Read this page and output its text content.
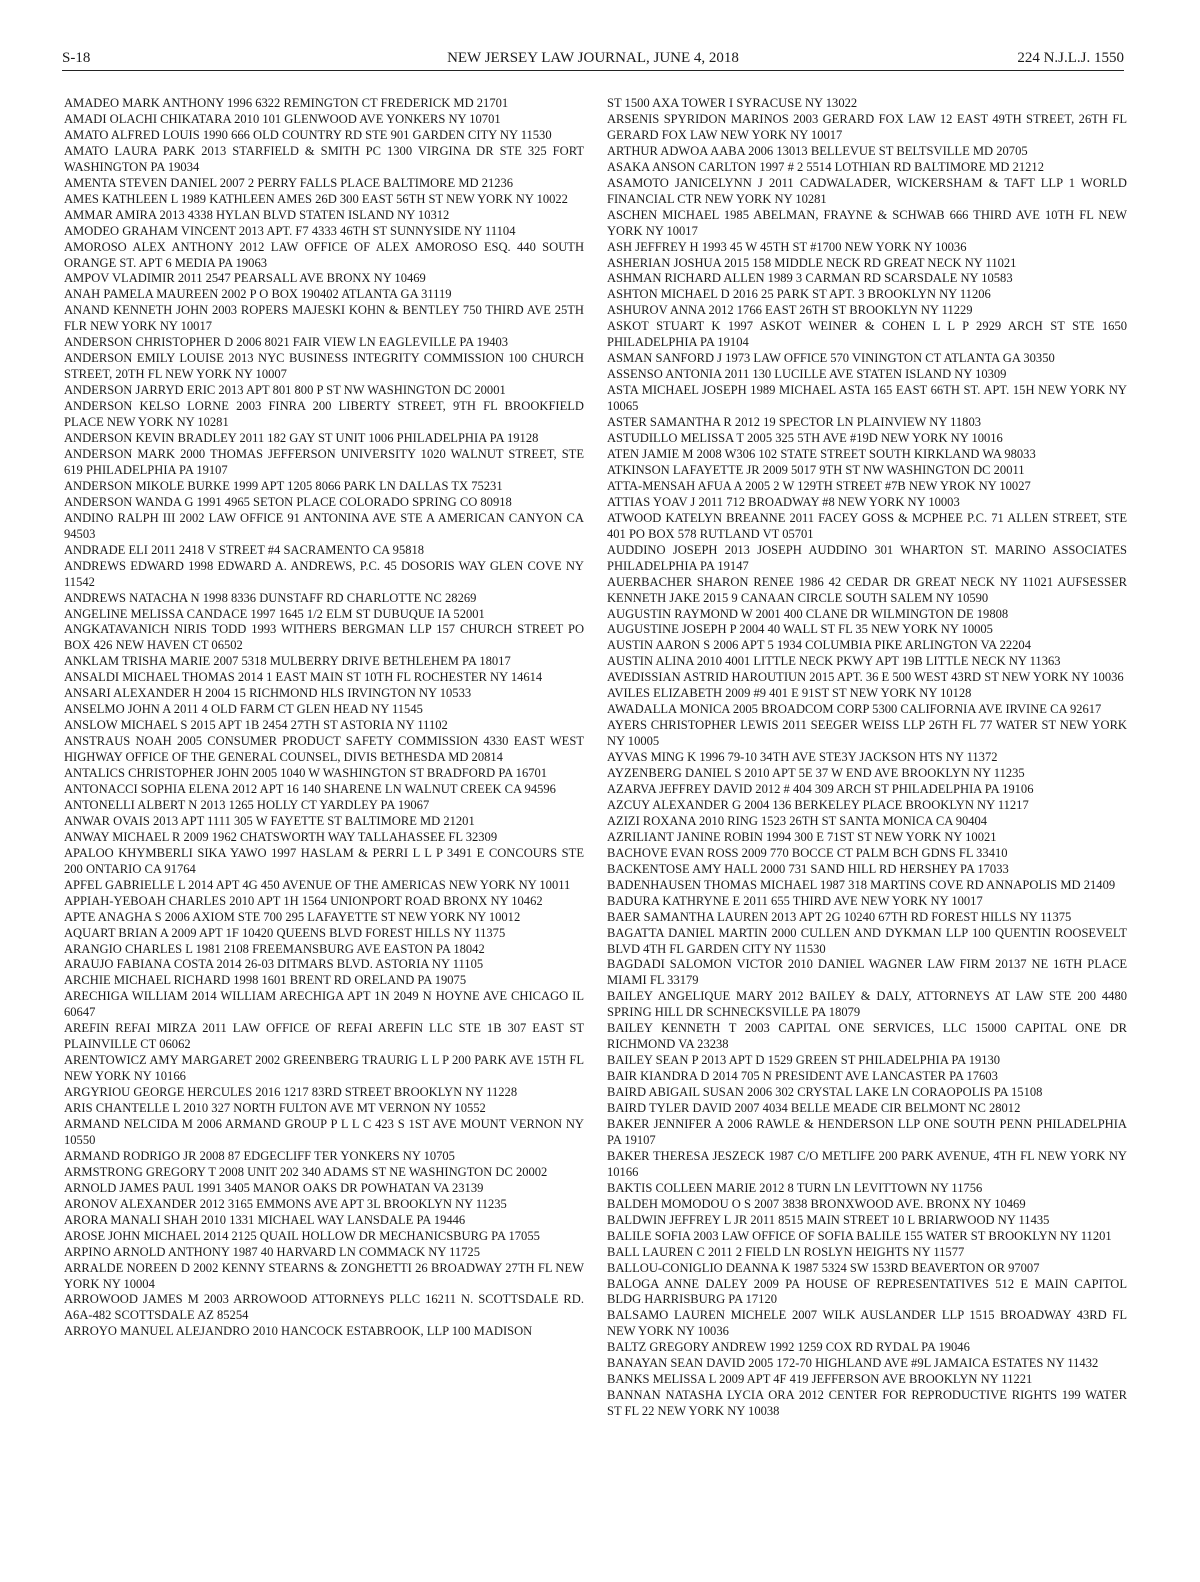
S-18	NEW JERSEY LAW JOURNAL, JUNE 4, 2018	224 N.J.L.J. 1550

AMADEO MARK ANTHONY 1996 6322 REMINGTON CT FREDERICK MD 21701

AMADI OLACHI CHIKATARA 2010 101 GLENWOOD AVE YONKERS NY 10701

AMATO ALFRED LOUIS 1990 666 OLD COUNTRY RD STE 901 GARDEN CITY NY 11530

AMATO LAURA PARK 2013 STARFIELD & SMITH PC 1300 VIRGINA DR STE 325 FORT WASHINGTON PA 19034

AMENTA STEVEN DANIEL 2007 2 PERRY FALLS PLACE BALTIMORE MD 21236

AMES KATHLEEN L 1989 KATHLEEN AMES 26D 300 EAST 56TH ST NEW YORK NY 10022

AMMAR AMIRA 2013 4338 HYLAN BLVD STATEN ISLAND NY 10312

AMODEO GRAHAM VINCENT 2013 APT. F7 4333 46TH ST SUNNYSIDE NY 11104

AMOROSO ALEX ANTHONY 2012 LAW OFFICE OF ALEX AMOROSO ESQ. 440 SOUTH ORANGE ST. APT 6 MEDIA PA 19063

AMPOV VLADIMIR 2011 2547 PEARSALL AVE BRONX NY 10469

ANAH PAMELA MAUREEN 2002 P O BOX 190402 ATLANTA GA 31119

ANAND KENNETH JOHN 2003 ROPERS MAJESKI KOHN & BENTLEY 750 THIRD AVE 25TH FLR NEW YORK NY 10017

ANDERSON CHRISTOPHER D 2006 8021 FAIR VIEW LN EAGLEVILLE PA 19403

ANDERSON EMILY LOUISE 2013 NYC BUSINESS INTEGRITY COMMISSION 100 CHURCH STREET, 20TH FL NEW YORK NY 10007

ANDERSON JARRYD ERIC 2013 APT 801 800 P ST NW WASHINGTON DC 20001

ANDERSON KELSO LORNE 2003 FINRA 200 LIBERTY STREET, 9TH FL BROOKFIELD PLACE NEW YORK NY 10281

ANDERSON KEVIN BRADLEY 2011 182 GAY ST UNIT 1006 PHILADELPHIA PA 19128

ANDERSON MARK 2000 THOMAS JEFFERSON UNIVERSITY 1020 WALNUT STREET, STE 619 PHILADELPHIA PA 19107

ANDERSON MIKOLE BURKE 1999 APT 1205 8066 PARK LN DALLAS TX 75231

ANDERSON WANDA G 1991 4965 SETON PLACE COLORADO SPRING CO 80918

ANDINO RALPH III 2002 LAW OFFICE 91 ANTONINA AVE STE A AMERICAN CANYON CA 94503

ANDRADE ELI 2011 2418 V STREET #4 SACRAMENTO CA 95818

ANDREWS EDWARD 1998 EDWARD A. ANDREWS, P.C. 45 DOSORIS WAY GLEN COVE NY 11542

ANDREWS NATACHA N 1998 8336 DUNSTAFF RD CHARLOTTE NC 28269

ANGELINE MELISSA CANDACE 1997 1645 1/2 ELM ST DUBUQUE IA 52001

ANGKATAVANICH NIRIS TODD 1993 WITHERS BERGMAN LLP 157 CHURCH STREET PO BOX 426 NEW HAVEN CT 06502

ANKLAM TRISHA MARIE 2007 5318 MULBERRY DRIVE BETHLEHEM PA 18017

ANSALDI MICHAEL THOMAS 2014 1 EAST MAIN ST 10TH FL ROCHESTER NY 14614

ANSARI ALEXANDER H 2004 15 RICHMOND HLS IRVINGTON NY 10533

ANSELMO JOHN A 2011 4 OLD FARM CT GLEN HEAD NY 11545

ANSLOW MICHAEL S 2015 APT 1B 2454 27TH ST ASTORIA NY 11102

ANSTRAUS NOAH 2005 CONSUMER PRODUCT SAFETY COMMISSION 4330 EAST WEST HIGHWAY OFFICE OF THE GENERAL COUNSEL, DIVIS BETHESDA MD 20814

ANTALICS CHRISTOPHER JOHN 2005 1040 W WASHINGTON ST BRADFORD PA 16701

ANTONACCI SOPHIA ELENA 2012 APT 16 140 SHARENE LN WALNUT CREEK CA 94596

ANTONELLI ALBERT N 2013 1265 HOLLY CT YARDLEY PA 19067

ANWAR OVAIS 2013 APT 1111 305 W FAYETTE ST BALTIMORE MD 21201

ANWAY MICHAEL R 2009 1962 CHATSWORTH WAY TALLAHASSEE FL 32309

APALOO KHYMBERLI SIKA YAWO 1997 HASLAM & PERRI L L P 3491 E CONCOURS STE 200 ONTARIO CA 91764

APFEL GABRIELLE L 2014 APT 4G 450 AVENUE OF THE AMERICAS NEW YORK NY 10011

APPIAH-YEBOAH CHARLES 2010 APT 1H 1564 UNIONPORT ROAD BRONX NY 10462

APTE ANAGHA S 2006 AXIOM STE 700 295 LAFAYETTE ST NEW YORK NY 10012

AQUART BRIAN A 2009 APT 1F 10420 QUEENS BLVD FOREST HILLS NY 11375

ARANGIO CHARLES L 1981 2108 FREEMANSBURG AVE EASTON PA 18042

ARAUJO FABIANA COSTA 2014 26-03 DITMARS BLVD. ASTORIA NY 11105

ARCHIE MICHAEL RICHARD 1998 1601 BRENT RD ORELAND PA 19075

ARECHIGA WILLIAM 2014 WILLIAM ARECHIGA APT 1N 2049 N HOYNE AVE CHICAGO IL 60647

AREFIN REFAI MIRZA 2011 LAW OFFICE OF REFAI AREFIN LLC STE 1B 307 EAST ST PLAINVILLE CT 06062

ARENTOWICZ AMY MARGARET 2002 GREENBERG TRAURIG L L P 200 PARK AVE 15TH FL NEW YORK NY 10166

ARGYRIOU GEORGE HERCULES 2016 1217 83RD STREET BROOKLYN NY 11228

ARIS CHANTELLE L 2010 327 NORTH FULTON AVE MT VERNON NY 10552

ARMAND NELCIDA M 2006 ARMAND GROUP P L L C 423 S 1ST AVE MOUNT VERNON NY 10550

ARMAND RODRIGO JR 2008 87 EDGECLIFF TER YONKERS NY 10705

ARMSTRONG GREGORY T 2008 UNIT 202 340 ADAMS ST NE WASHINGTON DC 20002

ARNOLD JAMES PAUL 1991 3405 MANOR OAKS DR POWHATAN VA 23139

ARONOV ALEXANDER 2012 3165 EMMONS AVE APT 3L BROOKLYN NY 11235

ARORA MANALI SHAH 2010 1331 MICHAEL WAY LANSDALE PA 19446

AROSE JOHN MICHAEL 2014 2125 QUAIL HOLLOW DR MECHANICSBURG PA 17055

ARPINO ARNOLD ANTHONY 1987 40 HARVARD LN COMMACK NY 11725

ARRALDE NOREEN D 2002 KENNY STEARNS & ZONGHETTI 26 BROADWAY 27TH FL NEW YORK NY 10004

ARROWOOD JAMES M 2003 ARROWOOD ATTORNEYS PLLC 16211 N. SCOTTSDALE RD. A6A-482 SCOTTSDALE AZ 85254

ARROYO MANUEL ALEJANDRO 2010 HANCOCK ESTABROOK, LLP 100 MADISON

ST 1500 AXA TOWER I SYRACUSE NY 13022

ARSENIS SPYRIDON MARINOS 2003 GERARD FOX LAW 12 EAST 49TH STREET, 26TH FL GERARD FOX LAW NEW YORK NY 10017

ARTHUR ADWOA AABA 2006 13013 BELLEVUE ST BELTSVILLE MD 20705

ASAKA ANSON CARLTON 1997 # 2 5514 LOTHIAN RD BALTIMORE MD 21212

ASAMOTO JANICELYNN J 2011 CADWALADER, WICKERSHAM & TAFT LLP 1 WORLD FINANCIAL CTR NEW YORK NY 10281

ASCHEN MICHAEL 1985 ABELMAN, FRAYNE & SCHWAB 666 THIRD AVE 10TH FL NEW YORK NY 10017

ASH JEFFREY H 1993 45 W 45TH ST #1700 NEW YORK NY 10036

ASHERIAN JOSHUA 2015 158 MIDDLE NECK RD GREAT NECK NY 11021

ASHMAN RICHARD ALLEN 1989 3 CARMAN RD SCARSDALE NY 10583

ASHTON MICHAEL D 2016 25 PARK ST APT. 3 BROOKLYN NY 11206

ASHUROV ANNA 2012 1766 EAST 26TH ST BROOKLYN NY 11229

ASKOT STUART K 1997 ASKOT WEINER & COHEN L L P 2929 ARCH ST STE 1650 PHILADELPHIA PA 19104

ASMAN SANFORD J 1973 LAW OFFICE 570 VININGTON CT ATLANTA GA 30350

ASSENSO ANTONIA 2011 130 LUCILLE AVE STATEN ISLAND NY 10309

ASTA MICHAEL JOSEPH 1989 MICHAEL ASTA 165 EAST 66TH ST. APT. 15H NEW YORK NY 10065

ASTER SAMANTHA R 2012 19 SPECTOR LN PLAINVIEW NY 11803

ASTUDILLO MELISSA T 2005 325 5TH AVE #19D NEW YORK NY 10016

ATEN JAMIE M 2008 W306 102 STATE STREET SOUTH KIRKLAND WA 98033

ATKINSON LAFAYETTE JR 2009 5017 9TH ST NW WASHINGTON DC 20011

ATTA-MENSAH AFUA A 2005 2 W 129TH STREET #7B NEW YROK NY 10027

ATTIAS YOAV J 2011 712 BROADWAY #8 NEW YORK NY 10003

ATWOOD KATELYN BREANNE 2011 FACEY GOSS & MCPHEE P.C. 71 ALLEN STREET, STE 401 PO BOX 578 RUTLAND VT 05701

AUDDINO JOSEPH 2013 JOSEPH AUDDINO 301 WHARTON ST. MARINO ASSOCIATES PHILADELPHIA PA 19147

AUERBACHER SHARON RENEE 1986 42 CEDAR DR GREAT NECK NY 11021 AUFSESSER KENNETH JAKE 2015 9 CANAAN CIRCLE SOUTH SALEM NY 10590

AUGUSTIN RAYMOND W 2001 400 CLANE DR WILMINGTON DE 19808

AUGUSTINE JOSEPH P 2004 40 WALL ST FL 35 NEW YORK NY 10005

AUSTIN AARON S 2006 APT 5 1934 COLUMBIA PIKE ARLINGTON VA 22204

AUSTIN ALINA 2010 4001 LITTLE NECK PKWY APT 19B LITTLE NECK NY 11363

AVEDISSIAN ASTRID HAROUTIUN 2015 APT. 36 E 500 WEST 43RD ST NEW YORK NY 10036

AVILES ELIZABETH 2009 #9 401 E 91ST ST NEW YORK NY 10128

AWADALLA MONICA 2005 BROADCOM CORP 5300 CALIFORNIA AVE IRVINE CA 92617

AYERS CHRISTOPHER LEWIS 2011 SEEGER WEISS LLP 26TH FL 77 WATER ST NEW YORK NY 10005

AYVAS MING K 1996 79-10 34TH AVE STE3Y JACKSON HTS NY 11372

AYZENBERG DANIEL S 2010 APT 5E 37 W END AVE BROOKLYN NY 11235

AZARVA JEFFREY DAVID 2012 # 404 309 ARCH ST PHILADELPHIA PA 19106

AZCUY ALEXANDER G 2004 136 BERKELEY PLACE BROOKLYN NY 11217

AZIZI ROXANA 2010 RING 1523 26TH ST SANTA MONICA CA 90404

AZRILIANT JANINE ROBIN 1994 300 E 71ST ST NEW YORK NY 10021

BACHOVE EVAN ROSS 2009 770 BOCCE CT PALM BCH GDNS FL 33410

BACKENTOSE AMY HALL 2000 731 SAND HILL RD HERSHEY PA 17033

BADENHAUSEN THOMAS MICHAEL 1987 318 MARTINS COVE RD ANNAPOLIS MD 21409

BADURA KATHRYNE E 2011 655 THIRD AVE NEW YORK NY 10017

BAER SAMANTHA LAUREN 2013 APT 2G 10240 67TH RD FOREST HILLS NY 11375

BAGATTA DANIEL MARTIN 2000 CULLEN AND DYKMAN LLP 100 QUENTIN ROOSEVELT BLVD 4TH FL GARDEN CITY NY 11530

BAGDADI SALOMON VICTOR 2010 DANIEL WAGNER LAW FIRM 20137 NE 16TH PLACE MIAMI FL 33179

BAILEY ANGELIQUE MARY 2012 BAILEY & DALY, ATTORNEYS AT LAW STE 200 4480 SPRING HILL DR SCHNECKSVILLE PA 18079

BAILEY KENNETH T 2003 CAPITAL ONE SERVICES, LLC 15000 CAPITAL ONE DR RICHMOND VA 23238

BAILEY SEAN P 2013 APT D 1529 GREEN ST PHILADELPHIA PA 19130

BAIR KIANDRA D 2014 705 N PRESIDENT AVE LANCASTER PA 17603

BAIRD ABIGAIL SUSAN 2006 302 CRYSTAL LAKE LN CORAOPOLIS PA 15108

BAIRD TYLER DAVID 2007 4034 BELLE MEADE CIR BELMONT NC 28012

BAKER JENNIFER A 2006 RAWLE & HENDERSON LLP ONE SOUTH PENN PHILADELPHIA PA 19107

BAKER THERESA JESZECK 1987 C/O METLIFE 200 PARK AVENUE, 4TH FL NEW YORK NY 10166

BAKTIS COLLEEN MARIE 2012 8 TURN LN LEVITTOWN NY 11756

BALDEH MOMODOU O S 2007 3838 BRONXWOOD AVE. BRONX NY 10469

BALDWIN JEFFREY L JR 2011 8515 MAIN STREET 10 L BRIARWOOD NY 11435

BALILE SOFIA 2003 LAW OFFICE OF SOFIA BALILE 155 WATER ST BROOKLYN NY 11201

BALL LAUREN C 2011 2 FIELD LN ROSLYN HEIGHTS NY 11577

BALLOU-CONIGLIO DEANNA K 1987 5324 SW 153RD BEAVERTON OR 97007

BALOGA ANNE DALEY 2009 PA HOUSE OF REPRESENTATIVES 512 E MAIN CAPITOL BLDG HARRISBURG PA 17120

BALSAMO LAUREN MICHELE 2007 WILK AUSLANDER LLP 1515 BROADWAY 43RD FL NEW YORK NY 10036

BALTZ GREGORY ANDREW 1992 1259 COX RD RYDAL PA 19046

BANAYAN SEAN DAVID 2005 172-70 HIGHLAND AVE #9L JAMAICA ESTATES NY 11432

BANKS MELISSA L 2009 APT 4F 419 JEFFERSON AVE BROOKLYN NY 11221

BANNAN NATASHA LYCIA ORA 2012 CENTER FOR REPRODUCTIVE RIGHTS 199 WATER ST FL 22 NEW YORK NY 10038
